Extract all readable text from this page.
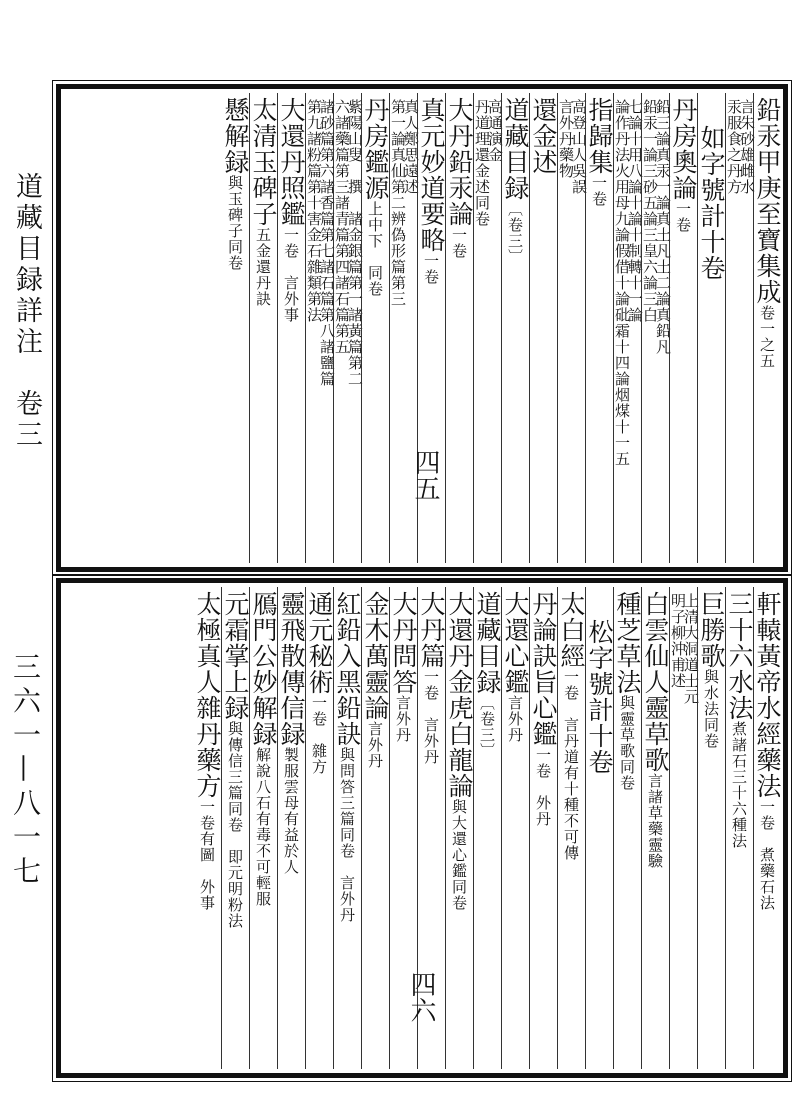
道藏目録詳注　卷三
三六一—八一七
鉛汞甲庚至寶集成卷一之五
言朱砂雄雌水
汞服食之丹方
如字號計十卷
丹房奧論一卷
鉛三論真汞一論真土凡土二論真鉛凡
鉛汞一論三砂五論三皇六論三白
七論十用八論十論十制轉十一論
論作丹法火用母九論假借十論砒霜十四論烟煤十一五
指歸集一卷
高登山人吳誤
言外丹藥物
還金述
道藏目録〔卷三〕
高通演金
丹道理還金述同卷
大丹鉛汞論一卷
真元妙道要略一卷
真人鄭思遠述
第一論真仙第二辨偽形篇第三
丹房鑑源上中下　同卷
紫陽山叟　撰　諸金銀篇第一諸黃篇第二
六諸藥篇第三諸青篇第四諸石篇第五
諸砂篇第六諸香篇第七諸石篇第八諸鹽篇
第九諸粉篇第十害金石雜類第法
大還丹照鑑一卷　言外事
太清玉碑子五金還丹訣
懸解録與玉碑子同卷
四五
軒轅黃帝水經藥法一卷　煮藥石法
三十六水法煮諸石三十六種法
巨勝歌與水法同卷
上清大洞道士元
明子柳沖甫述
白雲仙人靈草歌言諸草藥靈驗
種芝草法與靈草歌同卷
松字號計十卷
太白經一卷　言丹道有十種不可傳
丹論訣旨心鑑一卷　外丹
大還心鑑言外丹
道藏目録〔卷三〕
大還丹金虎白龍論與大還心鑑同卷
大丹篇一卷　言外丹
大丹問答言外丹
金木萬靈論言外丹
紅鉛入黑鉛訣與問答三篇同卷　言外丹
通元秘術一卷　雜方
靈飛散傳信録製服雲母有益於人
鴈門公妙解録解說八石有毒不可輕服
元霜掌上録與傳信三篇同卷　即元明粉法
太極真人雜丹藥方一卷有圖　外事
四六
